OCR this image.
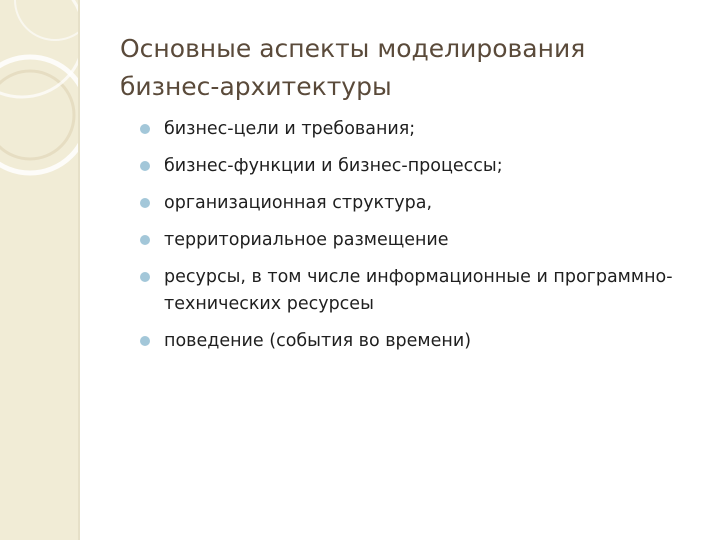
Основные аспекты моделирования бизнес-архитектуры
бизнес-цели и требования;
бизнес-функции и бизнес-процессы;
организационная структура,
территориальное размещение
ресурсы, в том числе информационные и программно-технических ресурсеы
поведение (события во времени)
